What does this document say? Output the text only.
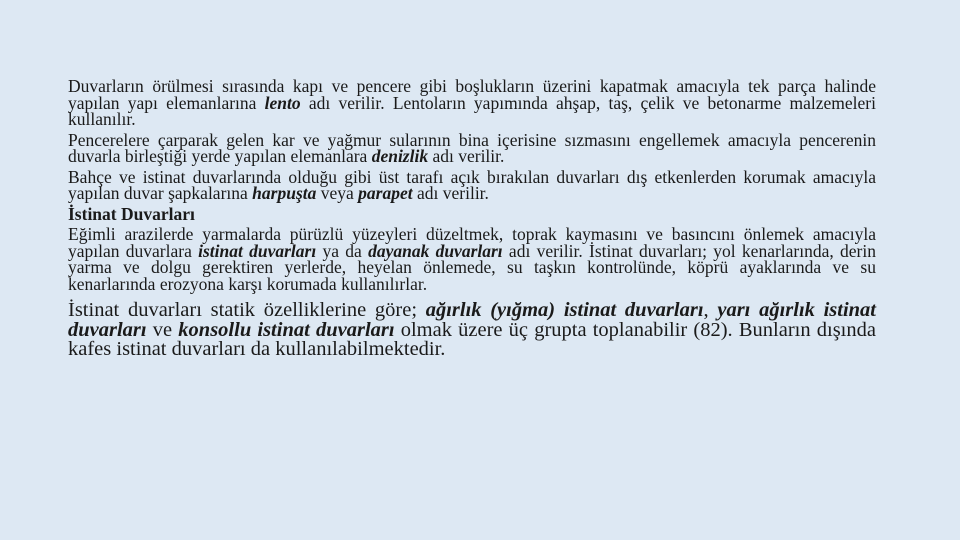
Duvarların örülmesi sırasında kapı ve pencere gibi boşlukların üzerini kapatmak amacıyla tek parça halinde yapılan yapı elemanlarına lento adı verilir. Lentoların yapımında ahşap, taş, çelik ve betonarme malzemeleri kullanılır.

Pencerelere çarparak gelen kar ve yağmur sularının bina içerisine sızmasını engellemek amacıyla pencerenin duvarla birleştiği yerde yapılan elemanlara denizlik adı verilir.

Bahçe ve istinat duvarlarında olduğu gibi üst tarafı açık bırakılan duvarları dış etkenlerden korumak amacıyla yapılan duvar şapkalarına harpuşta veya parapet adı verilir.

İstinat Duvarları

Eğimli arazilerde yarmalarda pürüzlü yüzeyleri düzeltmek, toprak kaymasını ve basıncını önlemek amacıyla yapılan duvarlara istinat duvarları ya da dayanak duvarları adı verilir. İstinat duvarları; yol kenarlarında, derin yarma ve dolgu gerektiren yerlerde, heyelan önlemede, su taşkın kontrolünde, köprü ayaklarında ve su kenarlarında erozyona karşı korumada kullanılırlar.

İstinat duvarları statik özelliklerine göre; ağırlık (yığma) istinat duvarları, yarı ağırlık istinat duvarları ve konsollu istinat duvarları olmak üzere üç grupta toplanabilir (82). Bunların dışında kafes istinat duvarları da kullanılabilmektedir.
